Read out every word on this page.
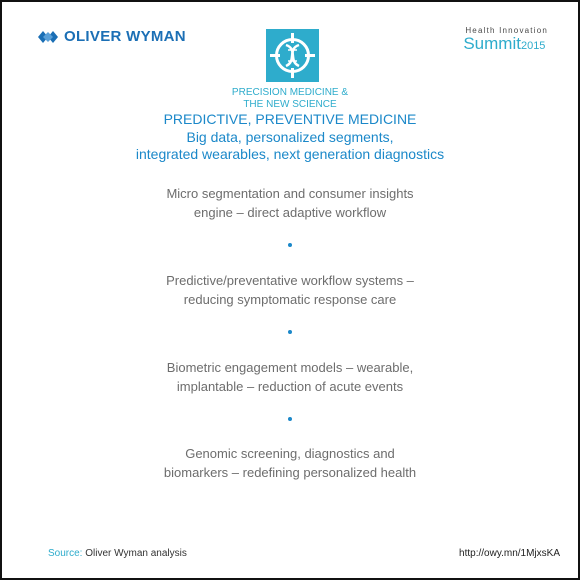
OLIVER WYMAN	Health Innovation
Summit2015
PRECISION MEDICINE &
THE NEW SCIENCE
PREDICTIVE, PREVENTIVE MEDICINE
Big data, personalized segments,
integrated wearables, next generation diagnostics
Micro segmentation and consumer insights
engine – direct adaptive workflow
Predictive/preventative workflow systems –
reducing symptomatic response care
Biometric engagement models – wearable,
implantable – reduction of acute events
Genomic screening, diagnostics and
biomarkers – redefining personalized health
Source: Oliver Wyman analysis	http://owy.mn/1MjxsKA
